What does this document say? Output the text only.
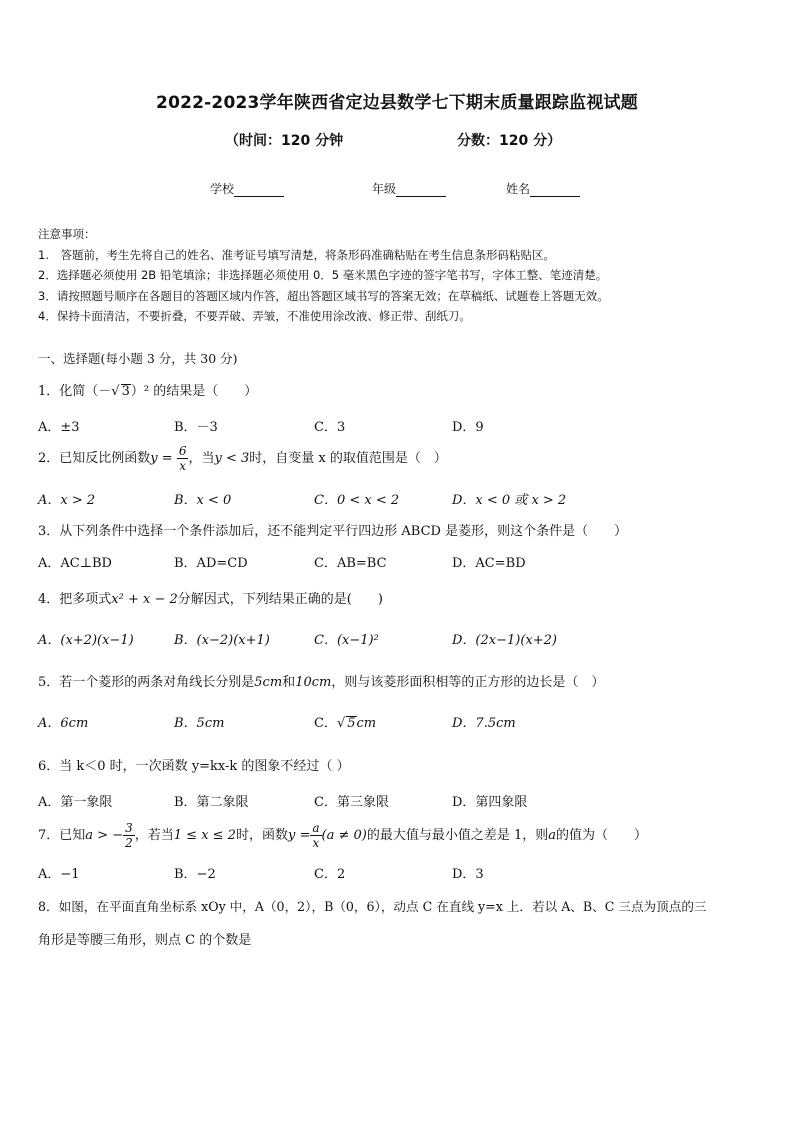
2022-2023学年陕西省定边县数学七下期末质量跟踪监视试题
（时间：120 分钟	分数：120 分）
学校	年级	姓名
注意事项：
1.　答题前，考生先将自己的姓名、准考证号填写清楚，将条形码准确粘贴在考生信息条形码粘贴区。
2．选择题必须使用 2B 铅笔填涂；非选择题必须使用 0．5 毫米黑色字迹的签字笔书写，字体工整、笔迹清楚。
3．请按照题号顺序在各题目的答题区域内作答，超出答题区域书写的答案无效；在草稿纸、试题卷上答题无效。
4．保持卡面清洁，不要折叠，不要弄破、弄皱，不准使用涂改液、修正带、刮纸刀。
一、选择题(每小题 3 分，共 30 分)
1．化简（－√ 3）² 的结果是（　　）
A．±3	B．－3	C．3	D．9
2．已知反比例函数$y = \frac{6}{x}$ ，当y < 3时，自变量 x 的取值范围是（　）
A．x > 2	B．x < 0	C．0 < x < 2	D．x < 0 或 x > 2
3．从下列条件中选择一个条件添加后，还不能判定平行四边形 ABCD 是菱形，则这个条件是（　　）
A．AC⊥BD	B．AD=CD	C．AB=BC	D．AC=BD
4．把多项式x² + x − 2分解因式，下列结果正确的是(　　)
A．(x+2)(x−1)	B．(x−2)(x+1)	C．(x−1)²	D．(2x−1)(x+2)
5．若一个菱形的两条对角线长分别是5cm和10cm，则与该菱形面积相等的正方形的边长是（　）
A．6cm	B．5cm	C．√ 5cm	D．7.5cm
6．当 k＜0 时，一次函数 y=kx-k 的图象不经过（ ）
A．第一象限	B．第二象限	C．第三象限	D．第四象限
7．已知a > − $\frac{3}{2}$ ，若当1 ≤ x ≤ 2时，函数$y = \frac{a}{x} (a \ne 0)$的最大值与最小值之差是 1，则a的值为（　　）
A．−1	B．−2	C．2	D．3
8．如图，在平面直角坐标系 xOy 中，A（0，2），B（0，6），动点 C 在直线 y=x 上．若以 A、B、C 三点为顶点的三
角形是等腰三角形，则点 C 的个数是
